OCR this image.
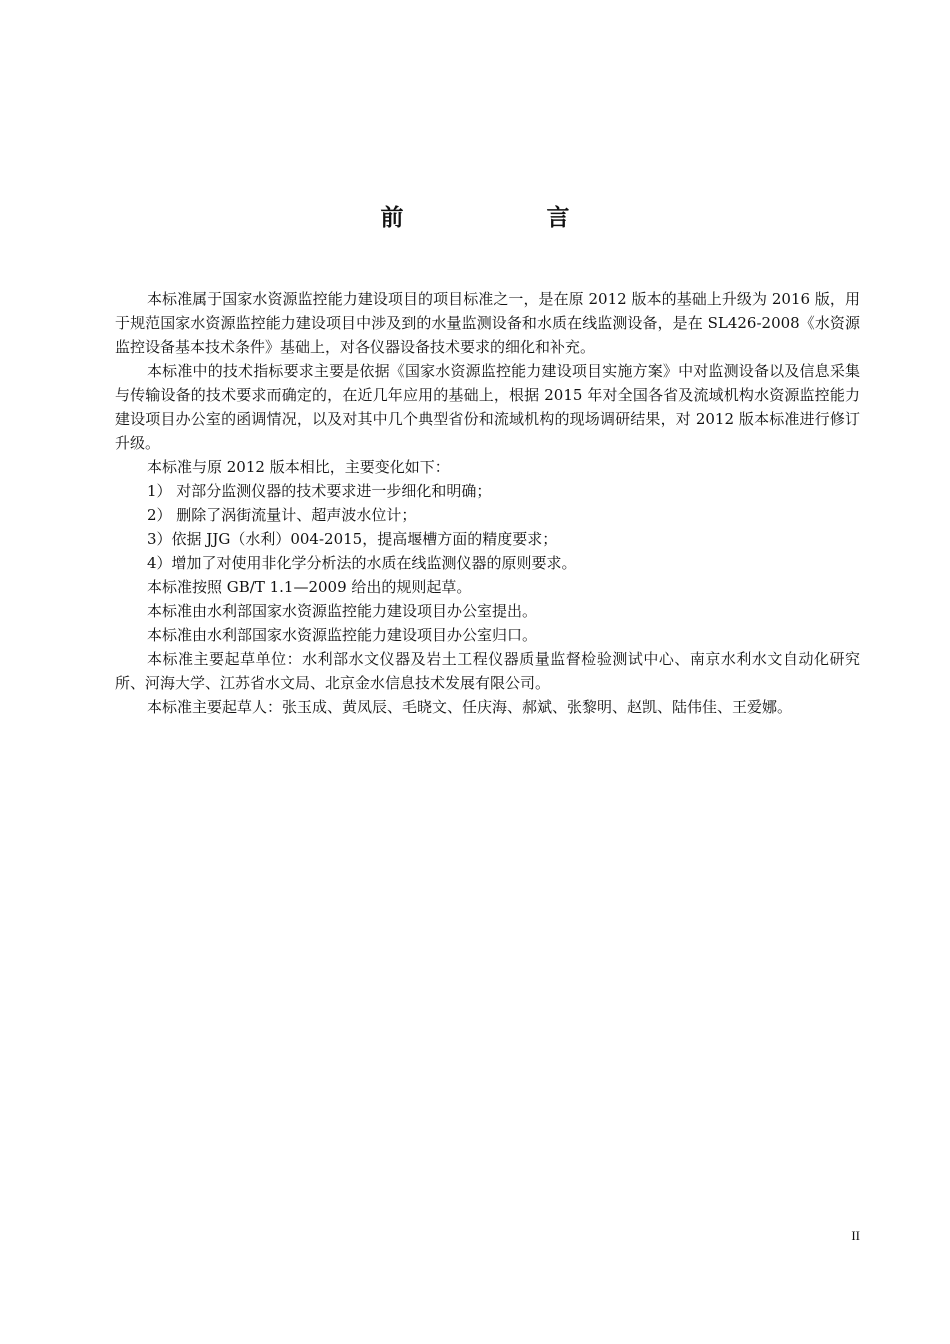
前　言

本标准属于国家水资源监控能力建设项目的项目标准之一，是在原 2012 版本的基础上升级为 2016 版，用于规范国家水资源监控能力建设项目中涉及到的水量监测设备和水质在线监测设备，是在 SL426-2008《水资源监控设备基本技术条件》基础上，对各仪器设备技术要求的细化和补充。

本标准中的技术指标要求主要是依据《国家水资源监控能力建设项目实施方案》中对监测设备以及信息采集与传输设备的技术要求而确定的，在近几年应用的基础上，根据 2015 年对全国各省及流域机构水资源监控能力建设项目办公室的函调情况，以及对其中几个典型省份和流域机构的现场调研结果，对 2012 版本标准进行修订升级。

本标准与原 2012 版本相比，主要变化如下：

1） 对部分监测仪器的技术要求进一步细化和明确；

2） 删除了涡街流量计、超声波水位计；

3）依据 JJG（水利）004-2015，提高堰槽方面的精度要求；

4）增加了对使用非化学分析法的水质在线监测仪器的原则要求。

本标准按照 GB/T 1.1—2009 给出的规则起草。

本标准由水利部国家水资源监控能力建设项目办公室提出。

本标准由水利部国家水资源监控能力建设项目办公室归口。

本标准主要起草单位：水利部水文仪器及岩土工程仪器质量监督检验测试中心、南京水利水文自动化研究所、河海大学、江苏省水文局、北京金水信息技术发展有限公司。

本标准主要起草人：张玉成、黄凤辰、毛晓文、任庆海、郝斌、张黎明、赵凯、陆伟佳、王爱娜。

II
